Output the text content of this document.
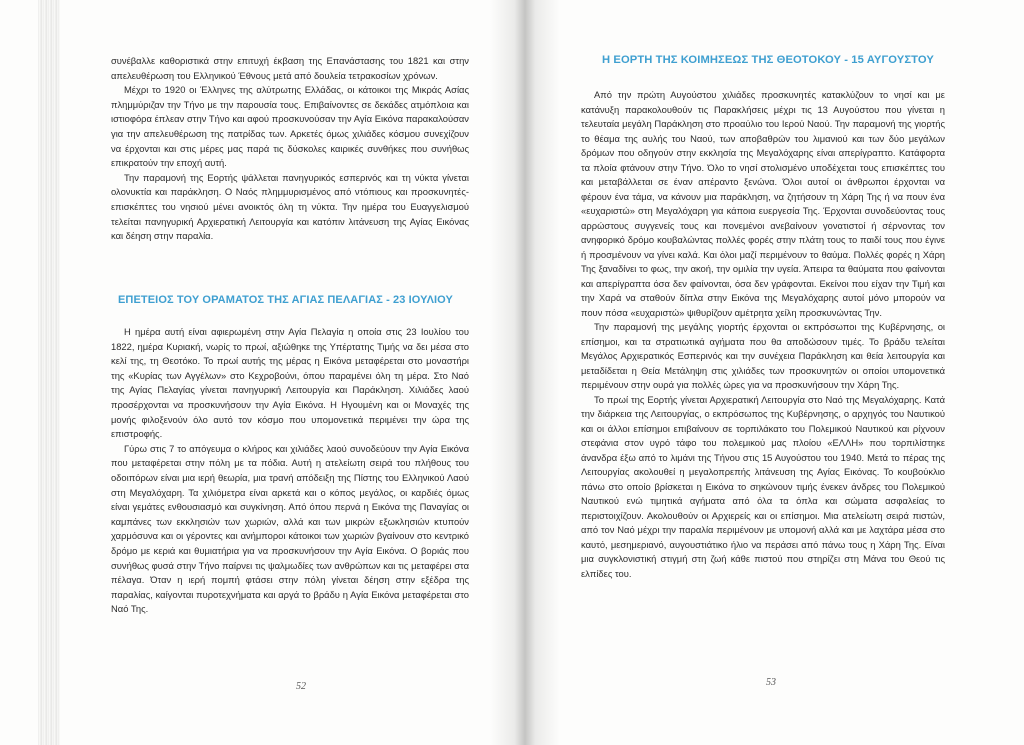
συνέβαλλε καθοριστικά στην επιτυχή έκβαση της Επανάστασης του 1821 και στην απελευθέρωση του Ελληνικού Έθνους μετά από δουλεία τετρακοσίων χρόνων.

Μέχρι το 1920 οι Έλληνες της αλύτρωτης Ελλάδας, οι κάτοικοι της Μικράς Ασίας πλημμύριζαν την Τήνο με την παρουσία τους. Επιβαίνοντες σε δεκάδες ατμόπλοια και ιστιοφόρα έπλεαν στην Τήνο και αφού προσκυνούσαν την Αγία Εικόνα παρακαλούσαν για την απελευθέρωση της πατρίδας των. Αρκετές όμως χιλιάδες κόσμου συνεχίζουν να έρχονται και στις μέρες μας παρά τις δύσκολες καιρικές συνθήκες που συνήθως επικρατούν την εποχή αυτή.

Την παραμονή της Εορτής ψάλλεται πανηγυρικός εσπερινός και τη νύκτα γίνεται ολονυκτία και παράκληση. Ο Ναός πλημμυρισμένος από ντόπιους και προσκυνητές-επισκέπτες του νησιού μένει ανοικτός όλη τη νύκτα. Την ημέρα του Ευαγγελισμού τελείται πανηγυρική Αρχιερατική Λειτουργία και κατόπιν λιτάνευση της Αγίας Εικόνας και δέηση στην παραλία.

ΕΠΕΤΕΙΟΣ ΤΟΥ ΟΡΑΜΑΤΟΣ ΤΗΣ ΑΓΙΑΣ ΠΕΛΑΓΙΑΣ - 23 ΙΟΥΛΙΟΥ

Η ημέρα αυτή είναι αφιερωμένη στην Αγία Πελαγία η οποία στις 23 Ιουλίου του 1822, ημέρα Κυριακή, νωρίς το πρωί, αξιώθηκε της Υπέρτατης Τιμής να δει μέσα στο κελί της, τη Θεοτόκο. Το πρωί αυτής της μέρας η Εικόνα μεταφέρεται στο μοναστήρι της «Κυρίας των Αγγέλων» στο Κεχροβούνι, όπου παραμένει όλη τη μέρα. Στο Ναό της Αγίας Πελαγίας γίνεται πανηγυρική Λειτουργία και Παράκληση. Χιλιάδες λαού προσέρχονται να προσκυνήσουν την Αγία Εικόνα. Η Ηγουμένη και οι Μοναχές της μονής φιλοξενούν όλο αυτό τον κόσμο που υπομονετικά περιμένει την ώρα της επιστροφής.

Γύρω στις 7 το απόγευμα ο κλήρος και χιλιάδες λαού συνοδεύουν την Αγία Εικόνα που μεταφέρεται στην πόλη με τα πόδια. Αυτή η ατελείωτη σειρά του πλήθους του οδοιπόρων είναι μια ιερή θεωρία, μια τρανή απόδειξη της Πίστης του Ελληνικού Λαού στη Μεγαλόχαρη. Τα χιλιόμετρα είναι αρκετά και ο κόπος μεγάλος, οι καρδιές όμως είναι γεμάτες ενθουσιασμό και συγκίνηση. Από όπου περνά η Εικόνα της Παναγίας οι καμπάνες των εκκλησιών των χωριών, αλλά και των μικρών εξωκλησιών κτυπούν χαρμόσυνα και οι γέροντες και ανήμποροι κάτοικοι των χωριών βγαίνουν στο κεντρικό δρόμο με κεριά και θυμιατήρια για να προσκυνήσουν την Αγία Εικόνα. Ο βοριάς που συνήθως φυσά στην Τήνο παίρνει τις ψαλμωδίες των ανθρώπων και τις μεταφέρει στα πέλαγα. Όταν η ιερή πομπή φτάσει στην πόλη γίνεται δέηση στην εξέδρα της παραλίας, καίγονται πυροτεχνήματα και αργά το βράδυ η Αγία Εικόνα μεταφέρεται στο Ναό Της.

52
Η ΕΟΡΤΗ ΤΗΣ ΚΟΙΜΗΣΕΩΣ ΤΗΣ ΘΕΟΤΟΚΟΥ - 15 ΑΥΓΟΥΣΤΟΥ

Από την πρώτη Αυγούστου χιλιάδες προσκυνητές κατακλύζουν το νησί και με κατάνυξη παρακολουθούν τις Παρακλήσεις μέχρι τις 13 Αυγούστου που γίνεται η τελευταία μεγάλη Παράκληση στο προαύλιο του Ιερού Ναού. Την παραμονή της γιορτής το θέαμα της αυλής του Ναού, των αποβαθρών του λιμανιού και των δύο μεγάλων δρόμων που οδηγούν στην εκκλησία της Μεγαλόχαρης είναι απερίγραπτο. Κατάφορτα τα πλοία φτάνουν στην Τήνο. Όλο το νησί στολισμένο υποδέχεται τους επισκέπτες του και μεταβάλλεται σε έναν απέραντο ξενώνα. Όλοι αυτοί οι άνθρωποι έρχονται να φέρουν ένα τάμα, να κάνουν μια παράκληση, να ζητήσουν τη Χάρη Της ή να πουν ένα «ευχαριστώ» στη Μεγαλόχαρη για κάποια ευεργεσία Της. Έρχονται συνοδεύοντας τους αρρώστους συγγενείς τους και πονεμένοι ανεβαίνουν γονατιστοί ή σέρνοντας τον ανηφορικό δρόμο κουβαλώντας πολλές φορές στην πλάτη τους το παιδί τους που έγινε ή προσμένουν να γίνει καλά. Και όλοι μαζί περιμένουν το θαύμα. Πολλές φορές η Χάρη Της ξαναδίνει το φως, την ακοή, την ομιλία την υγεία. Άπειρα τα θαύματα που φαίνονται και απερίγραπτα όσα δεν φαίνονται, όσα δεν γράφονται. Εκείνοι που είχαν την Τιμή και την Χαρά να σταθούν δίπλα στην Εικόνα της Μεγαλόχαρης αυτοί μόνο μπορούν να πουν πόσα «ευχαριστώ» ψιθυρίζουν αμέτρητα χείλη προσκυνώντας Την.

Την παραμονή της μεγάλης γιορτής έρχονται οι εκπρόσωποι της Κυβέρνησης, οι επίσημοι, και τα στρατιωτικά αγήματα που θα αποδώσουν τιμές. Το βράδυ τελείται Μεγάλος Αρχιερατικός Εσπερινός και την συνέχεια Παράκληση και θεία λειτουργία και μεταδίδεται η Θεία Μετάληψη στις χιλιάδες των προσκυνητών οι οποίοι υπομονετικά περιμένουν στην ουρά για πολλές ώρες για να προσκυνήσουν την Χάρη Της.

Το πρωί της Εορτής γίνεται Αρχιερατική Λειτουργία στο Ναό της Μεγαλόχαρης. Κατά την διάρκεια της Λειτουργίας, ο εκπρόσωπος της Κυβέρνησης, ο αρχηγός του Ναυτικού και οι άλλοι επίσημοι επιβαίνουν σε τορπιλάκατο του Πολεμικού Ναυτικού και ρίχνουν στεφάνια στον υγρό τάφο του πολεμικού μας πλοίου «ΕΛΛΗ» που τορπιλίστηκε άνανδρα έξω από το λιμάνι της Τήνου στις 15 Αυγούστου του 1940. Μετά το πέρας της Λειτουργίας ακολουθεί η μεγαλοπρεπής λιτάνευση της Αγίας Εικόνας. Το κουβούκλιο πάνω στο οποίο βρίσκεται η Εικόνα το σηκώνουν τιμής ένεκεν άνδρες του Πολεμικού Ναυτικού ενώ τιμητικά αγήματα από όλα τα όπλα και σώματα ασφαλείας το περιστοιχίζουν. Ακολουθούν οι Αρχιερείς και οι επίσημοι. Μια ατελείωτη σειρά πιστών, από τον Ναό μέχρι την παραλία περιμένουν με υπομονή αλλά και με λαχτάρα μέσα στο καυτό, μεσημεριανό, αυγουστιάτικο ήλιο να περάσει από πάνω τους η Χάρη Της. Είναι μια συγκλονιστική στιγμή στη ζωή κάθε πιστού που στηρίζει στη Μάνα του Θεού τις ελπίδες του.

53
